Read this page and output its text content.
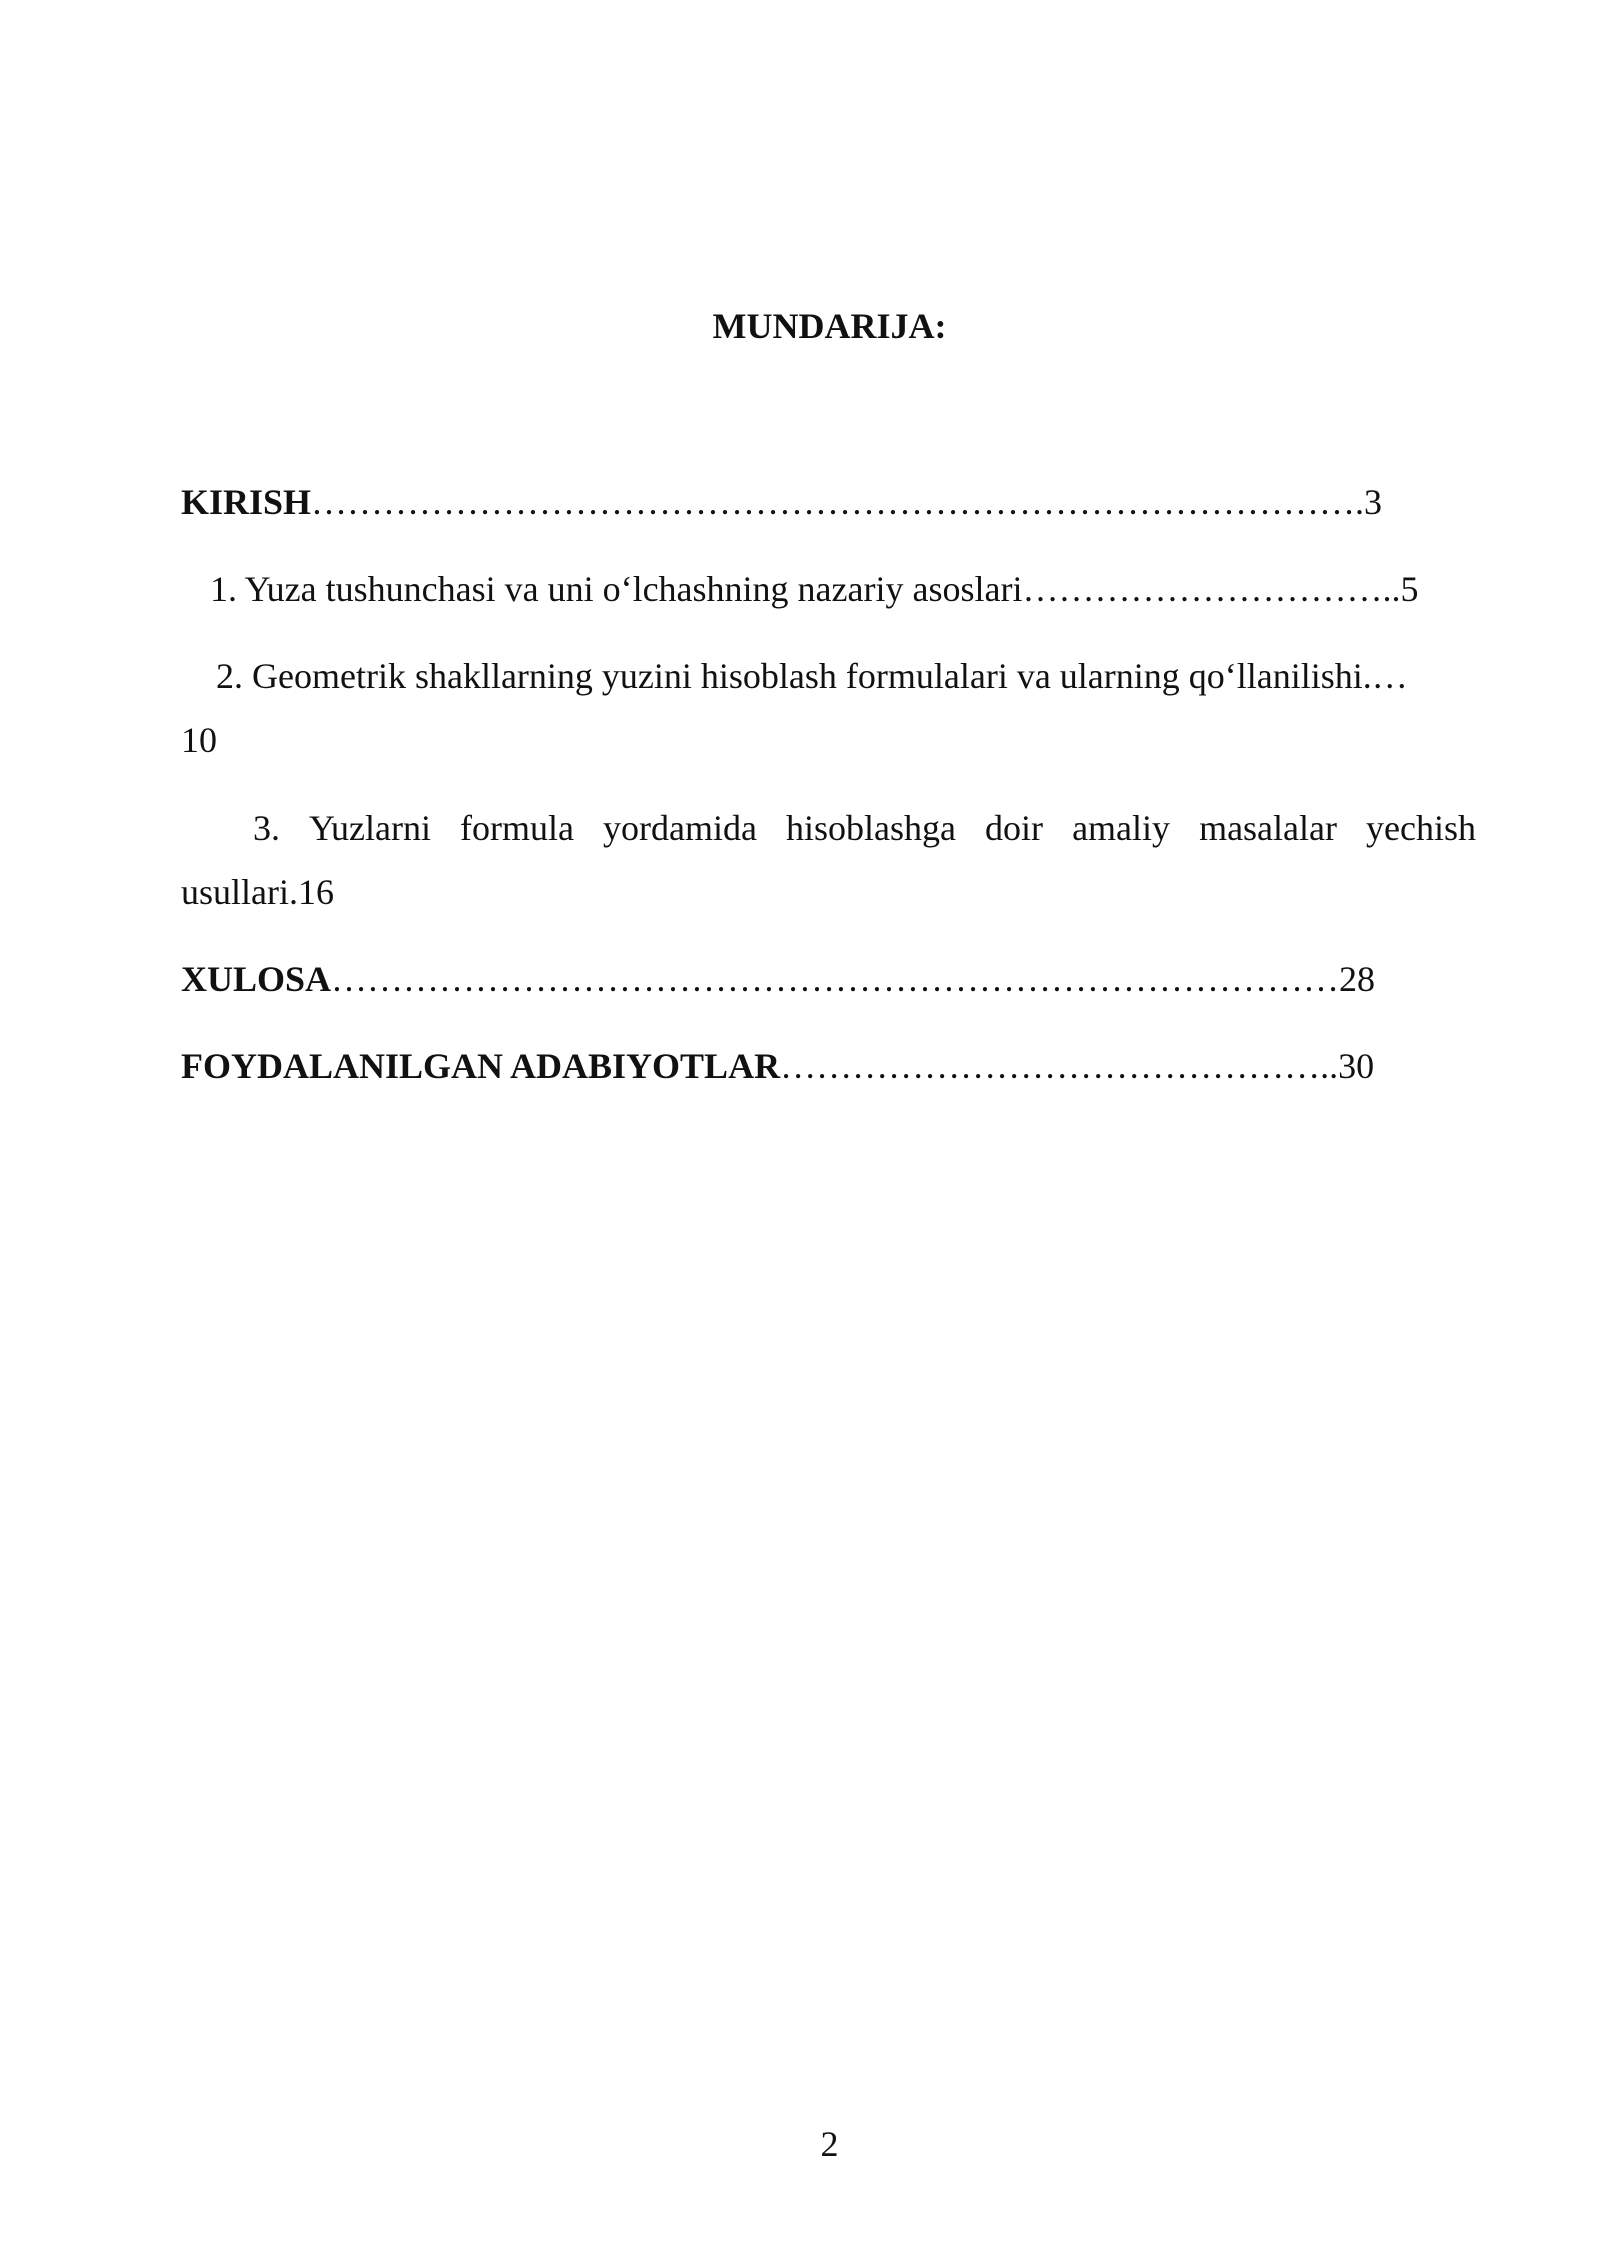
MUNDARIJA:
KIRISH…………………………………………………………………………….3
1. Yuza tushunchasi va uni o‘lchashning nazariy asoslari…………………………..5
2. Geometrik shakllarning yuzini hisoblash formulalari va ularning qo‘llanilishi.…
10
3. Yuzlarni formula yordamida hisoblashga doir amaliy masalalar yechish
usullari.16
XULOSA…………………………………………………………………………28
FOYDALANILGAN ADABIYOTLAR………………………………………..30
2
